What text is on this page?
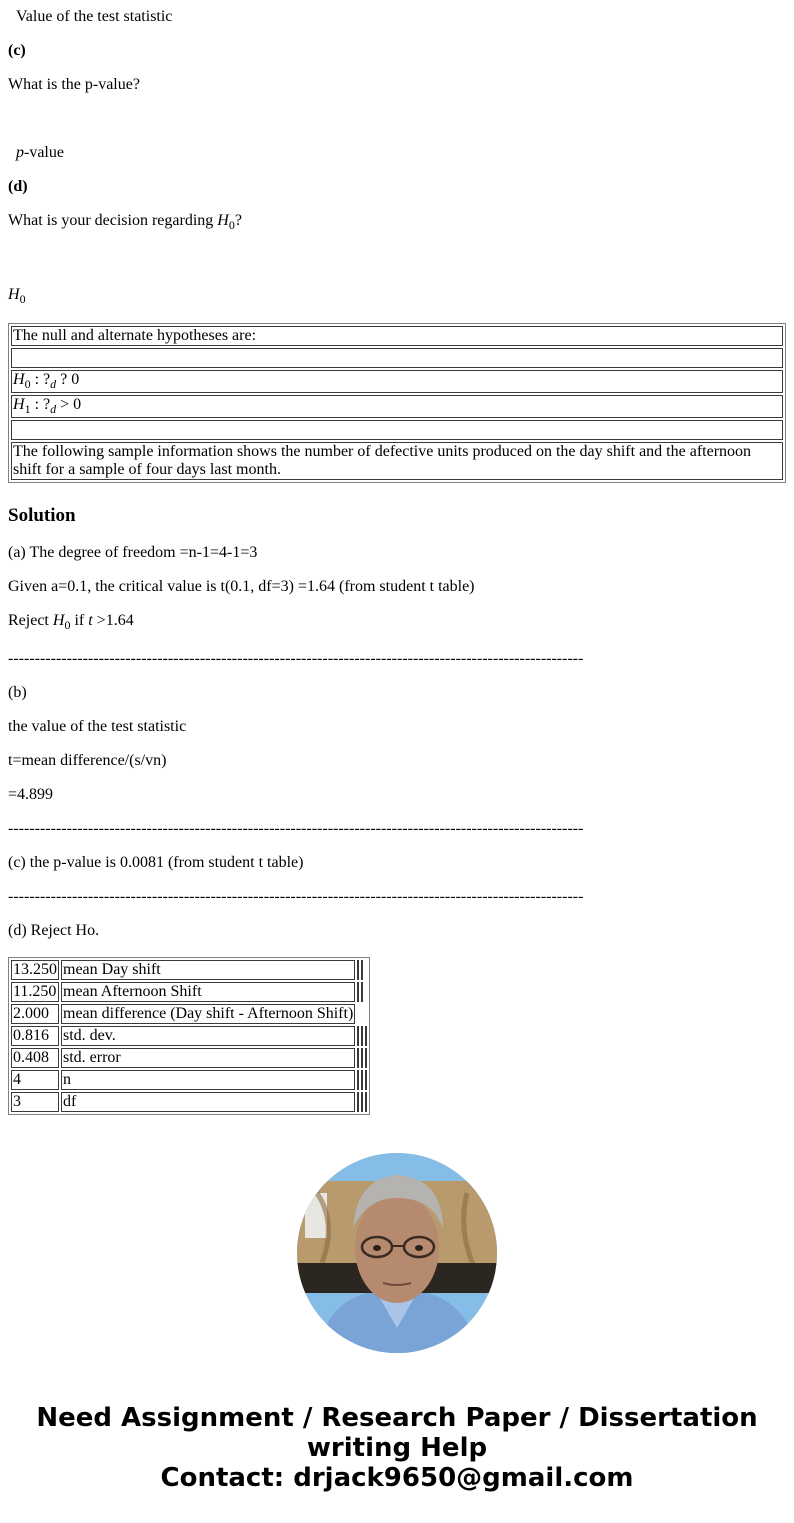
Value of the test statistic

(c)

What is the p-value?

p-value

(d)

What is your decision regarding $H_0$?

$H_0$

The null and alternate hypotheses are:

$H_0$ : $?_d$ ? 0
$H_1$ : $?_d > 0$

The following sample information shows the number of defective units produced on the day shift and the afternoon shift for a sample of four days last month.
Solution

(a) The degree of freedom =n-1=4-1=3

Given a=0.1, the critical value is t(0.1, df=3) =1.64 (from student t table)

Reject $H_0$ if t >1.64

------------------------------------------------------------------------------------------------------------

(b)

the value of the test statistic

t=mean difference/(s/vn)

=4.899

------------------------------------------------------------------------------------------------------------

(c) the p-value is 0.0081 (from student t table)

------------------------------------------------------------------------------------------------------------

(d) Reject Ho.

13.250	mean Day shift			
11.250	mean Afternoon Shift			
2.000	mean difference (Day shift - Afternoon Shift)			
0.816	std. dev.			
0.408	std. error			
4	n			
3	df			
Need Assignment / Research Paper / Dissertation
writing Help
Contact: drjack9650@gmail.com
